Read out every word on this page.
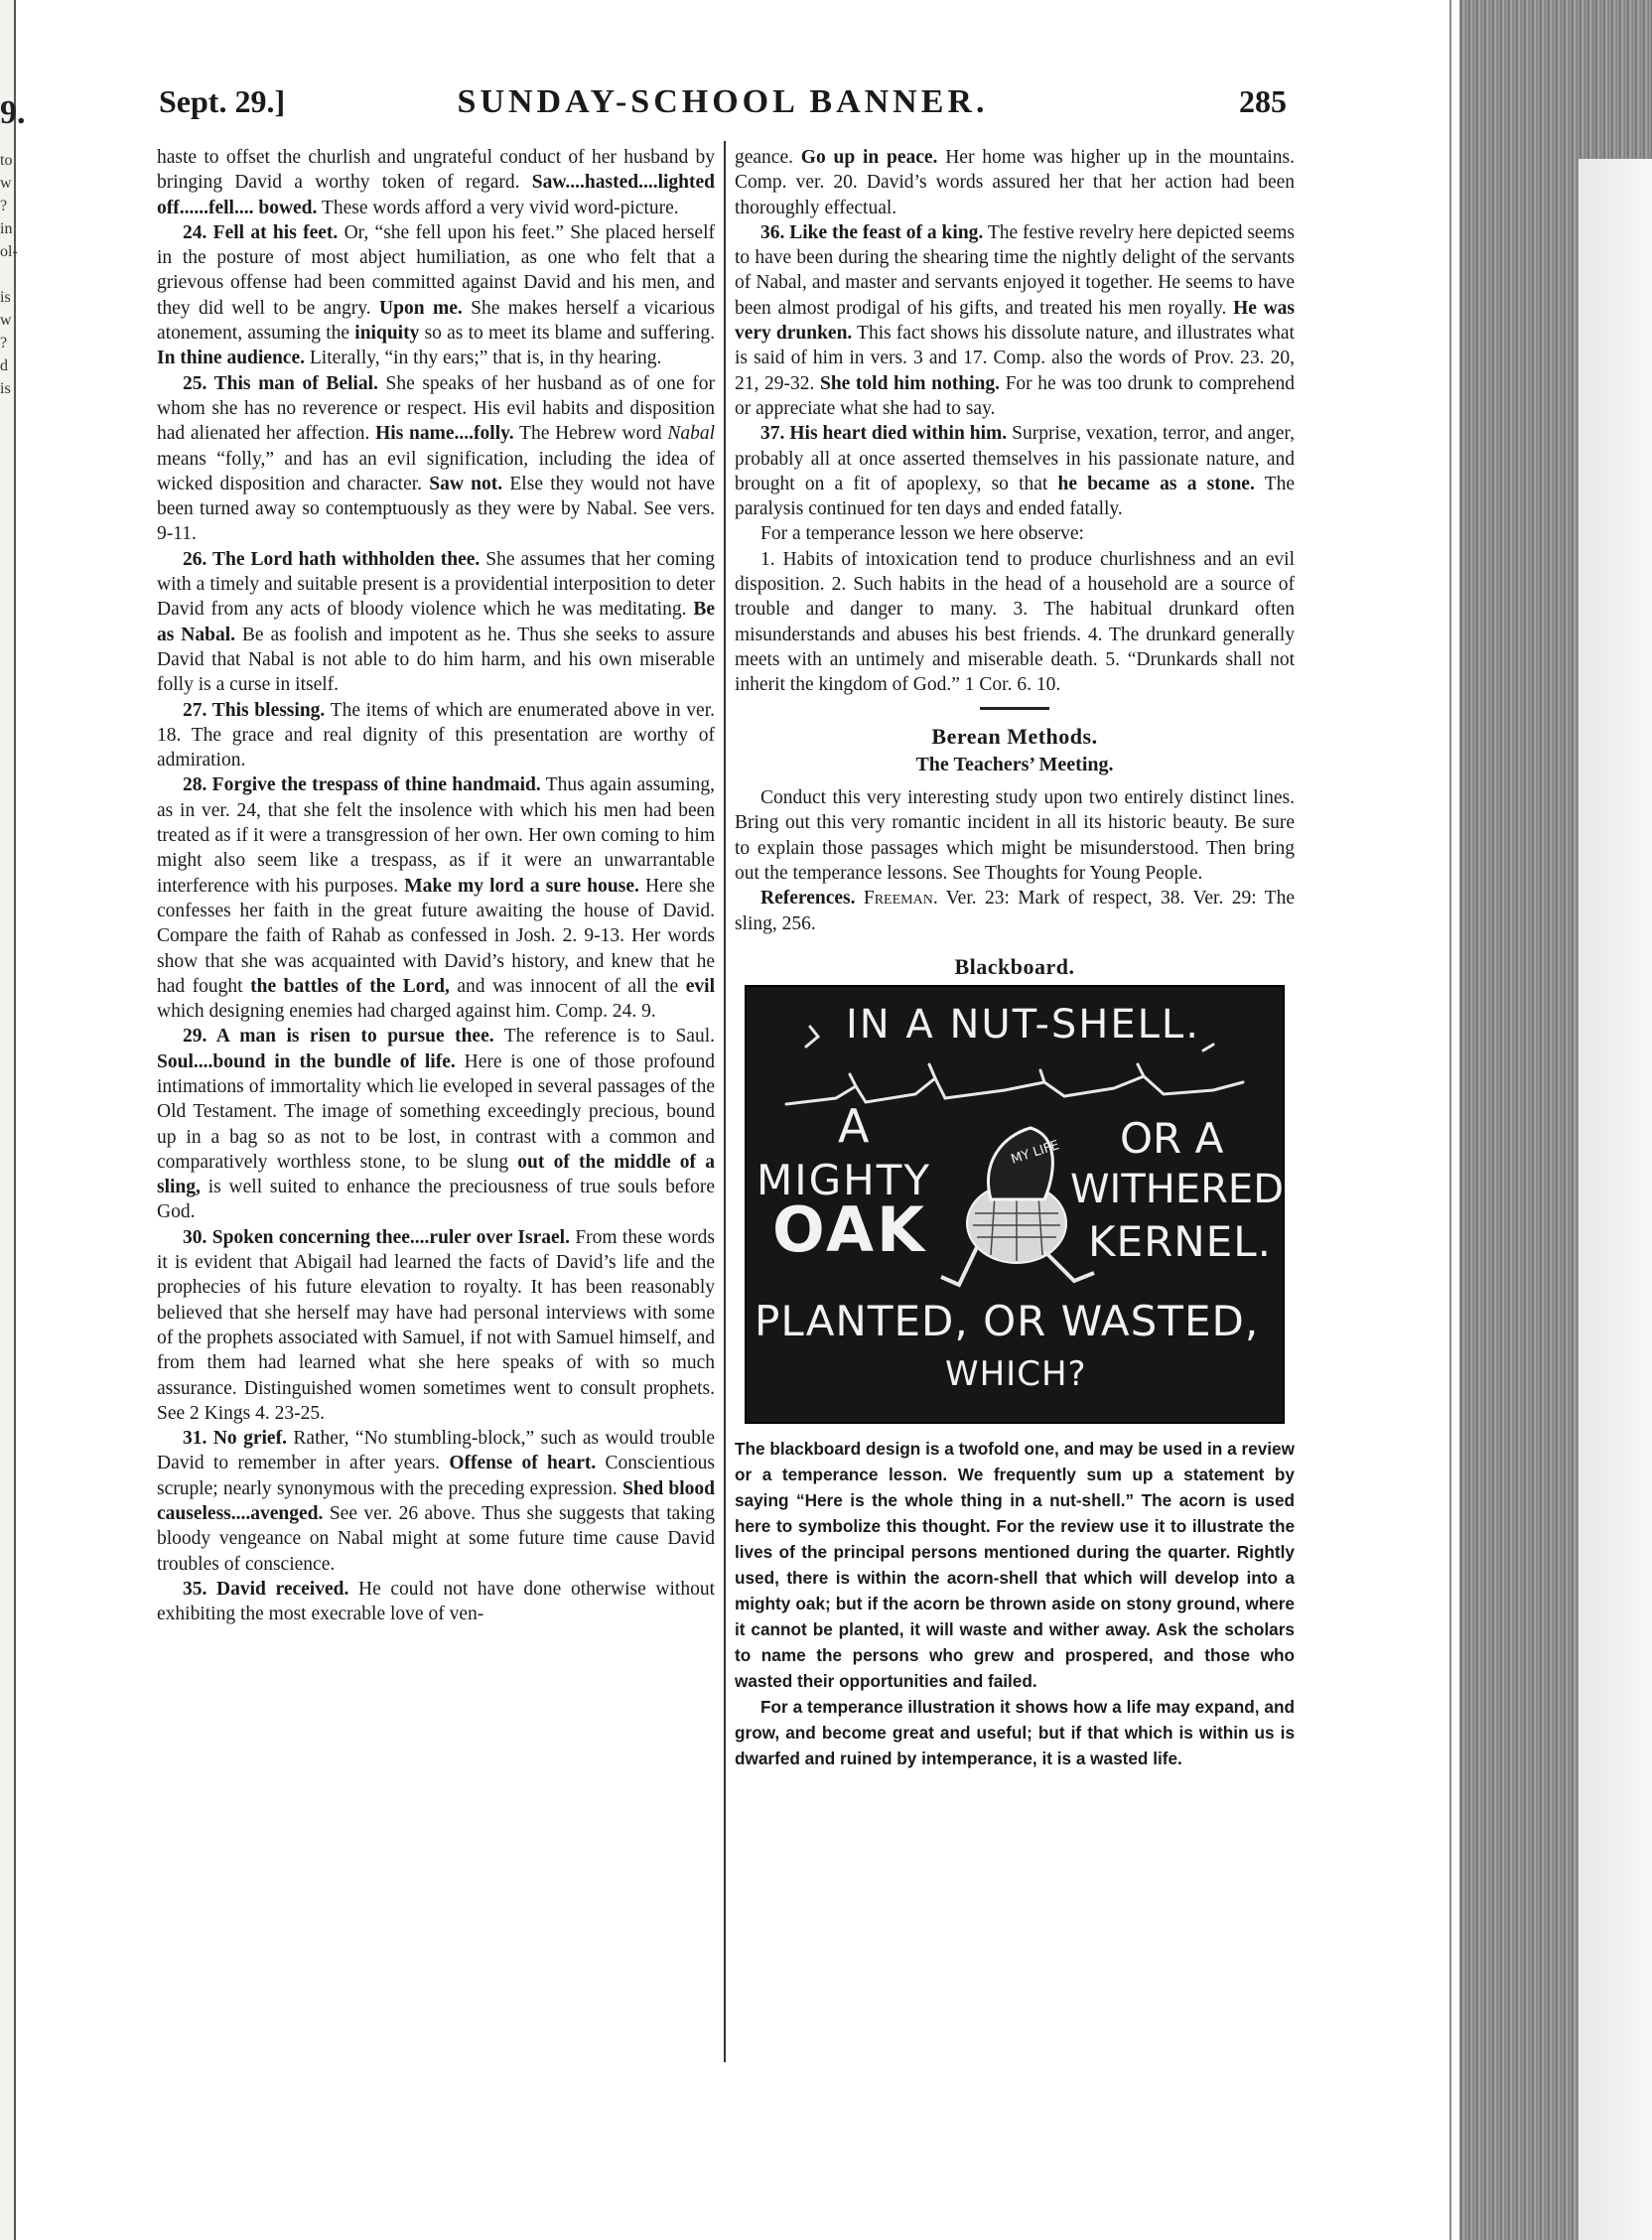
9.
to
w
?
in
ol-

is
w
?
d
is
Sept. 29.]	SUNDAY-SCHOOL BANNER.	285

haste to offset the churlish and ungrateful conduct of her husband by bringing David a worthy token of regard. Saw....hasted....lighted off......fell.... bowed. These words afford a very vivid word-picture.

24. Fell at his feet. Or, “she fell upon his feet.” She placed herself in the posture of most abject humiliation, as one who felt that a grievous offense had been committed against David and his men, and they did well to be angry. Upon me. She makes herself a vicarious atonement, assuming the iniquity so as to meet its blame and suffering. In thine audience. Literally, “in thy ears;” that is, in thy hearing.

25. This man of Belial. She speaks of her husband as of one for whom she has no reverence or respect. His evil habits and disposition had alienated her affection. His name....folly. The Hebrew word Nabal means “folly,” and has an evil signification, including the idea of wicked disposition and character. Saw not. Else they would not have been turned away so contemptuously as they were by Nabal. See vers. 9-11.

26. The Lord hath withholden thee. She assumes that her coming with a timely and suitable present is a providential interposition to deter David from any acts of bloody violence which he was meditating. Be as Nabal. Be as foolish and impotent as he. Thus she seeks to assure David that Nabal is not able to do him harm, and his own miserable folly is a curse in itself.

27. This blessing. The items of which are enumerated above in ver. 18. The grace and real dignity of this presentation are worthy of admiration.

28. Forgive the trespass of thine handmaid. Thus again assuming, as in ver. 24, that she felt the insolence with which his men had been treated as if it were a transgression of her own. Her own coming to him might also seem like a trespass, as if it were an unwarrantable interference with his purposes. Make my lord a sure house. Here she confesses her faith in the great future awaiting the house of David. Compare the faith of Rahab as confessed in Josh. 2. 9-13. Her words show that she was acquainted with David’s history, and knew that he had fought the battles of the Lord, and was innocent of all the evil which designing enemies had charged against him. Comp. 24. 9.

29. A man is risen to pursue thee. The reference is to Saul. Soul....bound in the bundle of life. Here is one of those profound intimations of immortality which lie eveloped in several passages of the Old Testament. The image of something exceedingly precious, bound up in a bag so as not to be lost, in contrast with a common and comparatively worthless stone, to be slung out of the middle of a sling, is well suited to enhance the preciousness of true souls before God.

30. Spoken concerning thee....ruler over Israel. From these words it is evident that Abigail had learned the facts of David’s life and the prophecies of his future elevation to royalty. It has been reasonably believed that she herself may have had personal interviews with some of the prophets associated with Samuel, if not with Samuel himself, and from them had learned what she here speaks of with so much assurance. Distinguished women sometimes went to consult prophets. See 2 Kings 4. 23-25.

31. No grief. Rather, “No stumbling-block,” such as would trouble David to remember in after years. Offense of heart. Conscientious scruple; nearly synonymous with the preceding expression. Shed blood causeless....avenged. See ver. 26 above. Thus she suggests that taking bloody vengeance on Nabal might at some future time cause David troubles of conscience.

35. David received. He could not have done otherwise without exhibiting the most execrable love of ven-

geance. Go up in peace. Her home was higher up in the mountains. Comp. ver. 20. David’s words assured her that her action had been thoroughly effectual.

36. Like the feast of a king. The festive revelry here depicted seems to have been during the shearing time the nightly delight of the servants of Nabal, and master and servants enjoyed it together. He seems to have been almost prodigal of his gifts, and treated his men royally. He was very drunken. This fact shows his dissolute nature, and illustrates what is said of him in vers. 3 and 17. Comp. also the words of Prov. 23. 20, 21, 29-32. She told him nothing. For he was too drunk to comprehend or appreciate what she had to say.

37. His heart died within him. Surprise, vexation, terror, and anger, probably all at once asserted themselves in his passionate nature, and brought on a fit of apoplexy, so that he became as a stone. The paralysis continued for ten days and ended fatally.

For a temperance lesson we here observe:

1. Habits of intoxication tend to produce churlishness and an evil disposition. 2. Such habits in the head of a household are a source of trouble and danger to many. 3. The habitual drunkard often misunderstands and abuses his best friends. 4. The drunkard generally meets with an untimely and miserable death. 5. “Drunkards shall not inherit the kingdom of God.” 1 Cor. 6. 10.

Berean Methods.
The Teachers’ Meeting.

Conduct this very interesting study upon two entirely distinct lines. Bring out this very romantic incident in all its historic beauty. Be sure to explain those passages which might be misunderstood. Then bring out the temperance lessons. See Thoughts for Young People.

References. Freeman. Ver. 23: Mark of respect, 38. Ver. 29: The sling, 256.

Blackboard.
MY LIFE
IN A NUT-SHELL.
A
MIGHTY
OAK
OR A
WITHERED
KERNEL.
PLANTED, OR WASTED,
WHICH?

The blackboard design is a twofold one, and may be used in a review or a temperance lesson. We frequently sum up a statement by saying “Here is the whole thing in a nut-shell.” The acorn is used here to symbolize this thought. For the review use it to illustrate the lives of the principal persons mentioned during the quarter. Rightly used, there is within the acorn-shell that which will develop into a mighty oak; but if the acorn be thrown aside on stony ground, where it cannot be planted, it will waste and wither away. Ask the scholars to name the persons who grew and prospered, and those who wasted their opportunities and failed.

For a temperance illustration it shows how a life may expand, and grow, and become great and useful; but if that which is within us is dwarfed and ruined by intemperance, it is a wasted life.
